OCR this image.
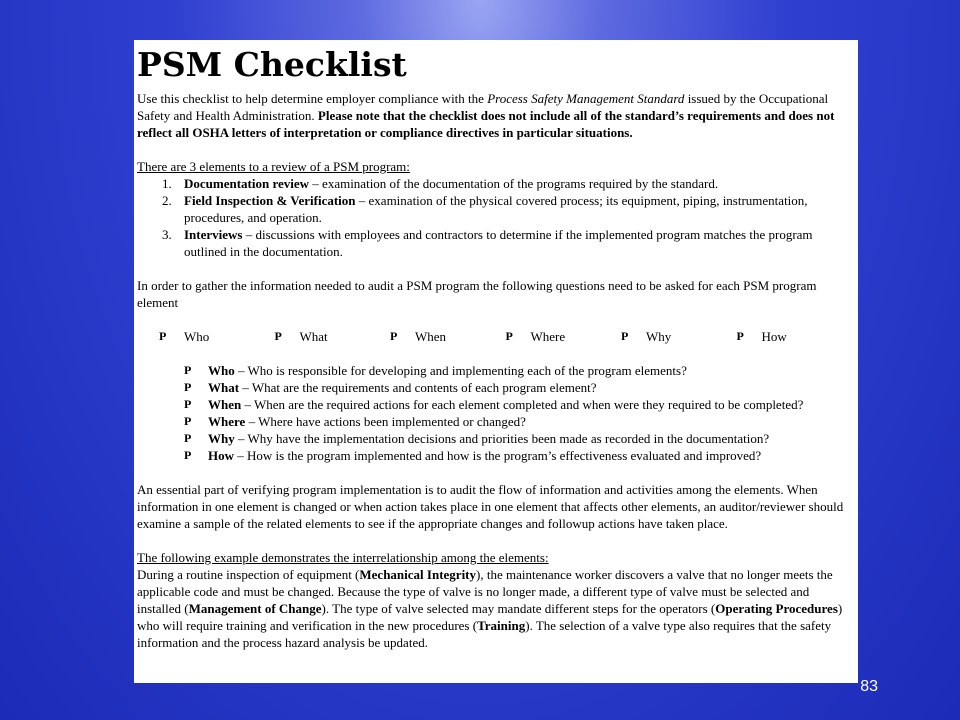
PSM Checklist

Use this checklist to help determine employer compliance with the Process Safety Management Standard issued by the Occupational Safety and Health Administration. Please note that the checklist does not include all of the standard’s requirements and does not reflect all OSHA letters of interpretation or compliance directives in particular situations.

There are 3 elements to a review of a PSM program:

1. Documentation review – examination of the documentation of the programs required by the standard.
2. Field Inspection & Verification – examination of the physical covered process; its equipment, piping, instrumentation, procedures, and operation.
3. Interviews – discussions with employees and contractors to determine if the implemented program matches the program outlined in the documentation.

In order to gather the information needed to audit a PSM program the following questions need to be asked for each PSM program element

P	Who	P	What	P	When	P	Where	P	Why	P	How
P Who – Who is responsible for developing and implementing each of the program elements?
P What – What are the requirements and contents of each program element?
P When – When are the required actions for each element completed and when were they required to be completed?
P Where – Where have actions been implemented or changed?
P Why – Why have the implementation decisions and priorities been made as recorded in the documentation?
P How – How is the program implemented and how is the program’s effectiveness evaluated and improved?

An essential part of verifying program implementation is to audit the flow of information and activities among the elements. When information in one element is changed or when action takes place in one element that affects other elements, an auditor/reviewer should examine a sample of the related elements to see if the appropriate changes and followup actions have taken place.

The following example demonstrates the interrelationship among the elements:

During a routine inspection of equipment (Mechanical Integrity), the maintenance worker discovers a valve that no longer meets the applicable code and must be changed. Because the type of valve is no longer made, a different type of valve must be selected and installed (Management of Change). The type of valve selected may mandate different steps for the operators (Operating Procedures) who will require training and verification in the new procedures (Training). The selection of a valve type also requires that the safety information and the process hazard analysis be updated.

83
